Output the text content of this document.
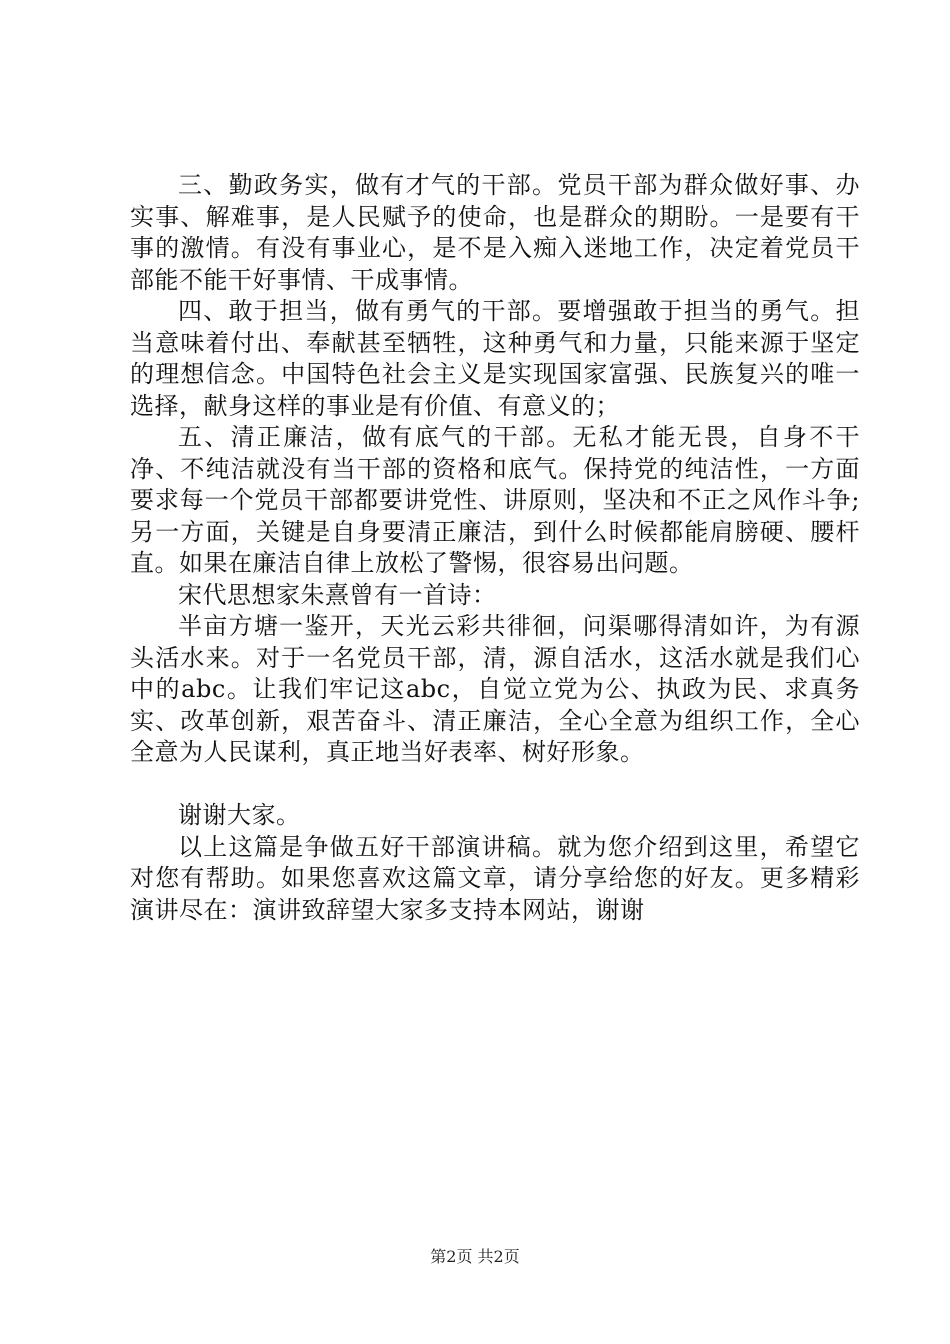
三、勤政务实，做有才气的干部。党员干部为群众做好事、办实事、解难事，是人民赋予的使命，也是群众的期盼。一是要有干事的激情。有没有事业心，是不是入痴入迷地工作，决定着党员干部能不能干好事情、干成事情。

四、敢于担当，做有勇气的干部。要增强敢于担当的勇气。担当意味着付出、奉献甚至牺牲，这种勇气和力量，只能来源于坚定的理想信念。中国特色社会主义是实现国家富强、民族复兴的唯一选择，献身这样的事业是有价值、有意义的；

五、清正廉洁，做有底气的干部。无私才能无畏，自身不干净、不纯洁就没有当干部的资格和底气。保持党的纯洁性，一方面要求每一个党员干部都要讲党性、讲原则，坚决和不正之风作斗争;另一方面，关键是自身要清正廉洁，到什么时候都能肩膀硬、腰杆直。如果在廉洁自律上放松了警惕，很容易出问题。

宋代思想家朱熹曾有一首诗：

半亩方塘一鉴开，天光云彩共徘徊，问渠哪得清如许，为有源头活水来。对于一名党员干部，清，源自活水，这活水就是我们心中的abc。让我们牢记这abc，自觉立党为公、执政为民、求真务实、改革创新，艰苦奋斗、清正廉洁，全心全意为组织工作，全心全意为人民谋利，真正地当好表率、树好形象。

谢谢大家。

以上这篇是争做五好干部演讲稿。就为您介绍到这里，希望它对您有帮助。如果您喜欢这篇文章，请分享给您的好友。更多精彩演讲尽在：演讲致辞望大家多支持本网站，谢谢

第2页 共2页
